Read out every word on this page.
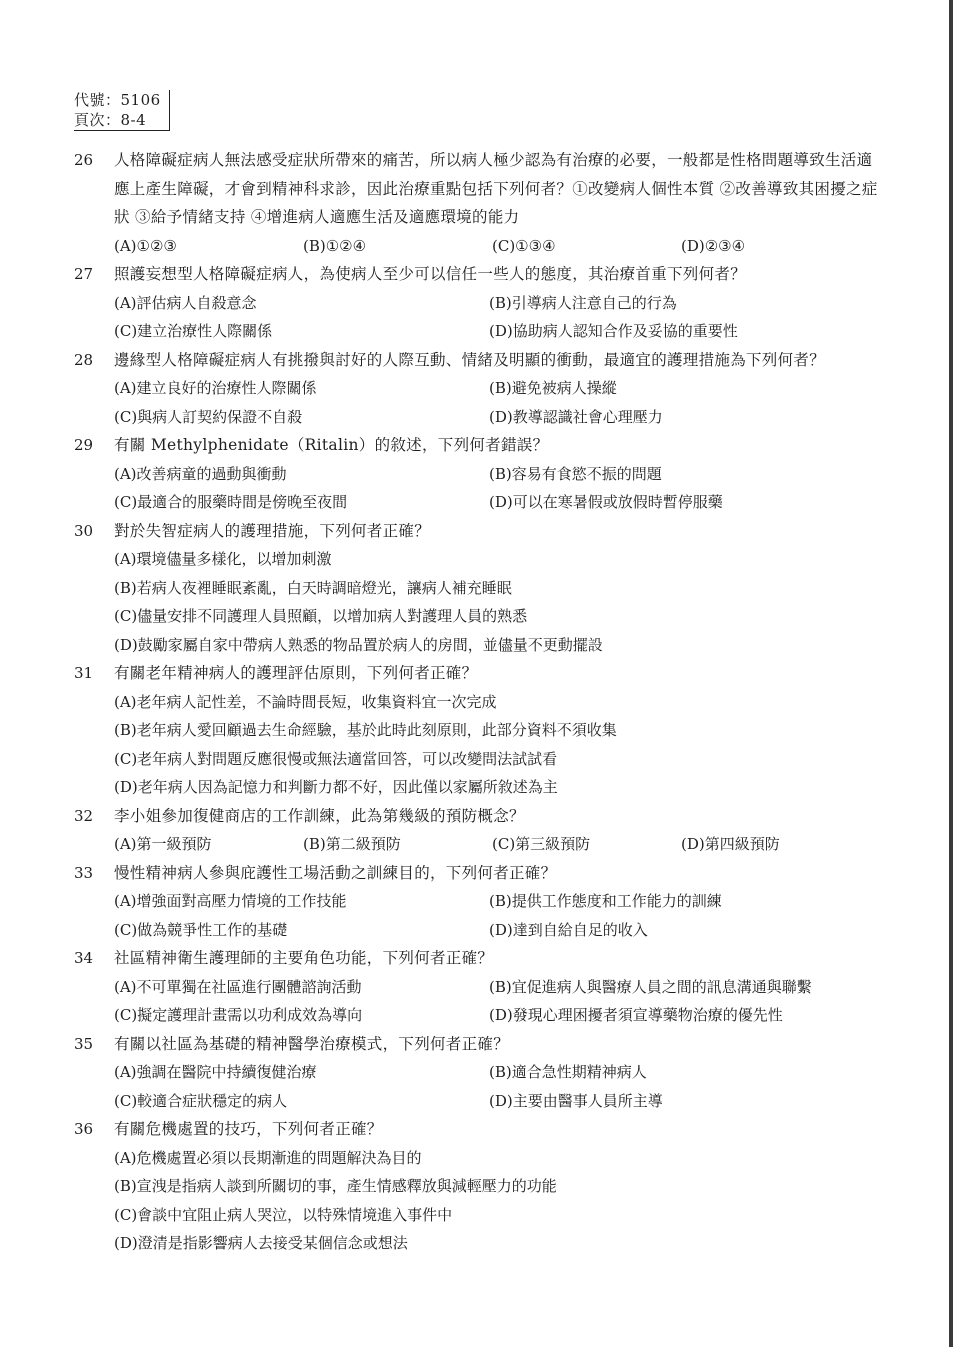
代號：5106
頁次：8-4
26	人格障礙症病人無法感受症狀所帶來的痛苦，所以病人極少認為有治療的必要，一般都是性格問題導致生活適應上產生障礙，才會到精神科求診，因此治療重點包括下列何者？①改變病人個性本質 ②改善導致其困擾之症狀 ③給予情緒支持 ④增進病人適應生活及適應環境的能力
(A)①②③	(B)①②④	(C)①③④	(D)②③④
27	照護妄想型人格障礙症病人，為使病人至少可以信任一些人的態度，其治療首重下列何者？
(A)評估病人自殺意念	(B)引導病人注意自己的行為
(C)建立治療性人際關係	(D)協助病人認知合作及妥協的重要性
28	邊緣型人格障礙症病人有挑撥與討好的人際互動、情緒及明顯的衝動，最適宜的護理措施為下列何者？
(A)建立良好的治療性人際關係	(B)避免被病人操縱
(C)與病人訂契約保證不自殺	(D)教導認識社會心理壓力
29	有關 Methylphenidate（Ritalin）的敘述，下列何者錯誤？
(A)改善病童的過動與衝動	(B)容易有食慾不振的問題
(C)最適合的服藥時間是傍晚至夜間	(D)可以在寒暑假或放假時暫停服藥
30	對於失智症病人的護理措施，下列何者正確？
(A)環境儘量多樣化，以增加刺激
(B)若病人夜裡睡眠紊亂，白天時調暗燈光，讓病人補充睡眠
(C)儘量安排不同護理人員照顧，以增加病人對護理人員的熟悉
(D)鼓勵家屬自家中帶病人熟悉的物品置於病人的房間，並儘量不更動擺設
31	有關老年精神病人的護理評估原則，下列何者正確？
(A)老年病人記性差，不論時間長短，收集資料宜一次完成
(B)老年病人愛回顧過去生命經驗，基於此時此刻原則，此部分資料不須收集
(C)老年病人對問題反應很慢或無法適當回答，可以改變問法試試看
(D)老年病人因為記憶力和判斷力都不好，因此僅以家屬所敘述為主
32	李小姐參加復健商店的工作訓練，此為第幾級的預防概念？
(A)第一級預防	(B)第二級預防	(C)第三級預防	(D)第四級預防
33	慢性精神病人參與庇護性工場活動之訓練目的，下列何者正確？
(A)增強面對高壓力情境的工作技能	(B)提供工作態度和工作能力的訓練
(C)做為競爭性工作的基礎	(D)達到自給自足的收入
34	社區精神衛生護理師的主要角色功能，下列何者正確？
(A)不可單獨在社區進行團體諮詢活動	(B)宜促進病人與醫療人員之間的訊息溝通與聯繫
(C)擬定護理計畫需以功利成效為導向	(D)發現心理困擾者須宣導藥物治療的優先性
35	有關以社區為基礎的精神醫學治療模式，下列何者正確？
(A)強調在醫院中持續復健治療	(B)適合急性期精神病人
(C)較適合症狀穩定的病人	(D)主要由醫事人員所主導
36	有關危機處置的技巧，下列何者正確？
(A)危機處置必須以長期漸進的問題解決為目的
(B)宣洩是指病人談到所關切的事，產生情感釋放與減輕壓力的功能
(C)會談中宜阻止病人哭泣，以特殊情境進入事件中
(D)澄清是指影響病人去接受某個信念或想法
